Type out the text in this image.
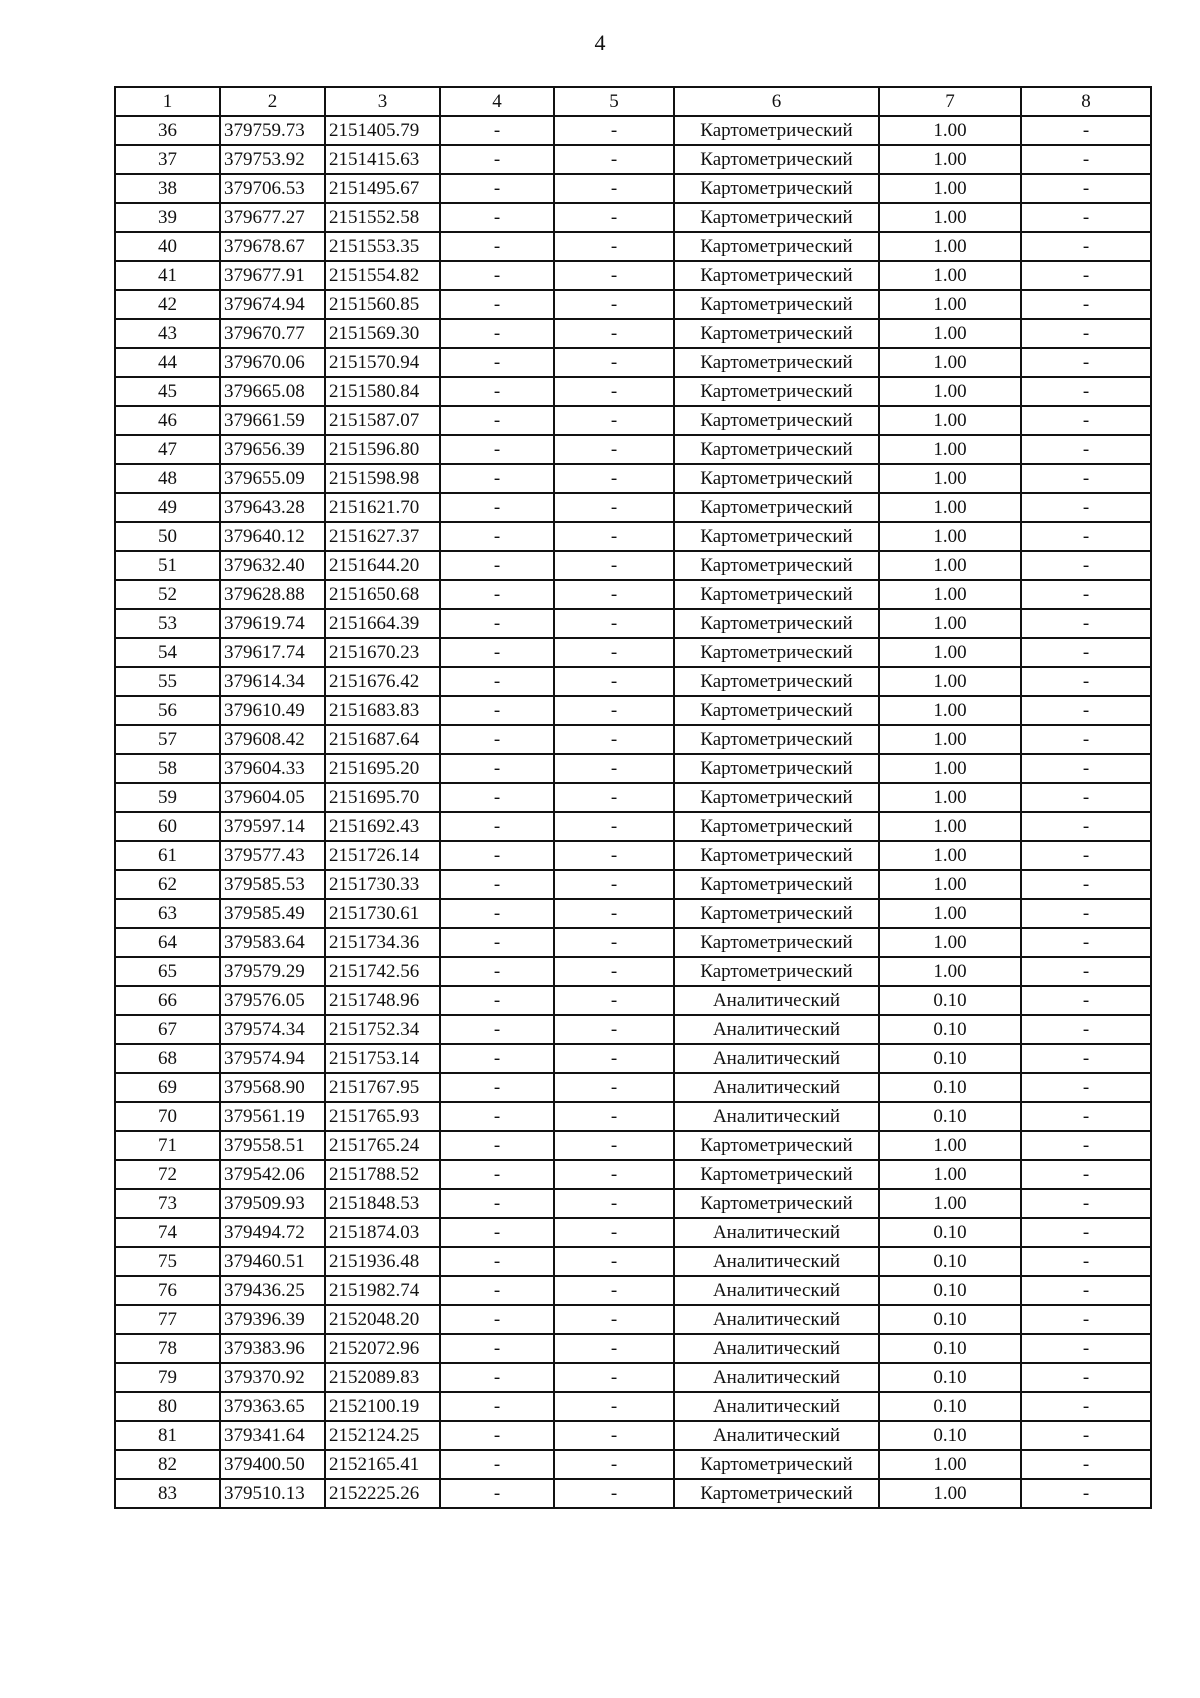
4
1	2	3	4	5	6	7	8
36	379759.73	2151405.79	-	-	Картометрический	1.00	-
37	379753.92	2151415.63	-	-	Картометрический	1.00	-
38	379706.53	2151495.67	-	-	Картометрический	1.00	-
39	379677.27	2151552.58	-	-	Картометрический	1.00	-
40	379678.67	2151553.35	-	-	Картометрический	1.00	-
41	379677.91	2151554.82	-	-	Картометрический	1.00	-
42	379674.94	2151560.85	-	-	Картометрический	1.00	-
43	379670.77	2151569.30	-	-	Картометрический	1.00	-
44	379670.06	2151570.94	-	-	Картометрический	1.00	-
45	379665.08	2151580.84	-	-	Картометрический	1.00	-
46	379661.59	2151587.07	-	-	Картометрический	1.00	-
47	379656.39	2151596.80	-	-	Картометрический	1.00	-
48	379655.09	2151598.98	-	-	Картометрический	1.00	-
49	379643.28	2151621.70	-	-	Картометрический	1.00	-
50	379640.12	2151627.37	-	-	Картометрический	1.00	-
51	379632.40	2151644.20	-	-	Картометрический	1.00	-
52	379628.88	2151650.68	-	-	Картометрический	1.00	-
53	379619.74	2151664.39	-	-	Картометрический	1.00	-
54	379617.74	2151670.23	-	-	Картометрический	1.00	-
55	379614.34	2151676.42	-	-	Картометрический	1.00	-
56	379610.49	2151683.83	-	-	Картометрический	1.00	-
57	379608.42	2151687.64	-	-	Картометрический	1.00	-
58	379604.33	2151695.20	-	-	Картометрический	1.00	-
59	379604.05	2151695.70	-	-	Картометрический	1.00	-
60	379597.14	2151692.43	-	-	Картометрический	1.00	-
61	379577.43	2151726.14	-	-	Картометрический	1.00	-
62	379585.53	2151730.33	-	-	Картометрический	1.00	-
63	379585.49	2151730.61	-	-	Картометрический	1.00	-
64	379583.64	2151734.36	-	-	Картометрический	1.00	-
65	379579.29	2151742.56	-	-	Картометрический	1.00	-
66	379576.05	2151748.96	-	-	Аналитический	0.10	-
67	379574.34	2151752.34	-	-	Аналитический	0.10	-
68	379574.94	2151753.14	-	-	Аналитический	0.10	-
69	379568.90	2151767.95	-	-	Аналитический	0.10	-
70	379561.19	2151765.93	-	-	Аналитический	0.10	-
71	379558.51	2151765.24	-	-	Картометрический	1.00	-
72	379542.06	2151788.52	-	-	Картометрический	1.00	-
73	379509.93	2151848.53	-	-	Картометрический	1.00	-
74	379494.72	2151874.03	-	-	Аналитический	0.10	-
75	379460.51	2151936.48	-	-	Аналитический	0.10	-
76	379436.25	2151982.74	-	-	Аналитический	0.10	-
77	379396.39	2152048.20	-	-	Аналитический	0.10	-
78	379383.96	2152072.96	-	-	Аналитический	0.10	-
79	379370.92	2152089.83	-	-	Аналитический	0.10	-
80	379363.65	2152100.19	-	-	Аналитический	0.10	-
81	379341.64	2152124.25	-	-	Аналитический	0.10	-
82	379400.50	2152165.41	-	-	Картометрический	1.00	-
83	379510.13	2152225.26	-	-	Картометрический	1.00	-
